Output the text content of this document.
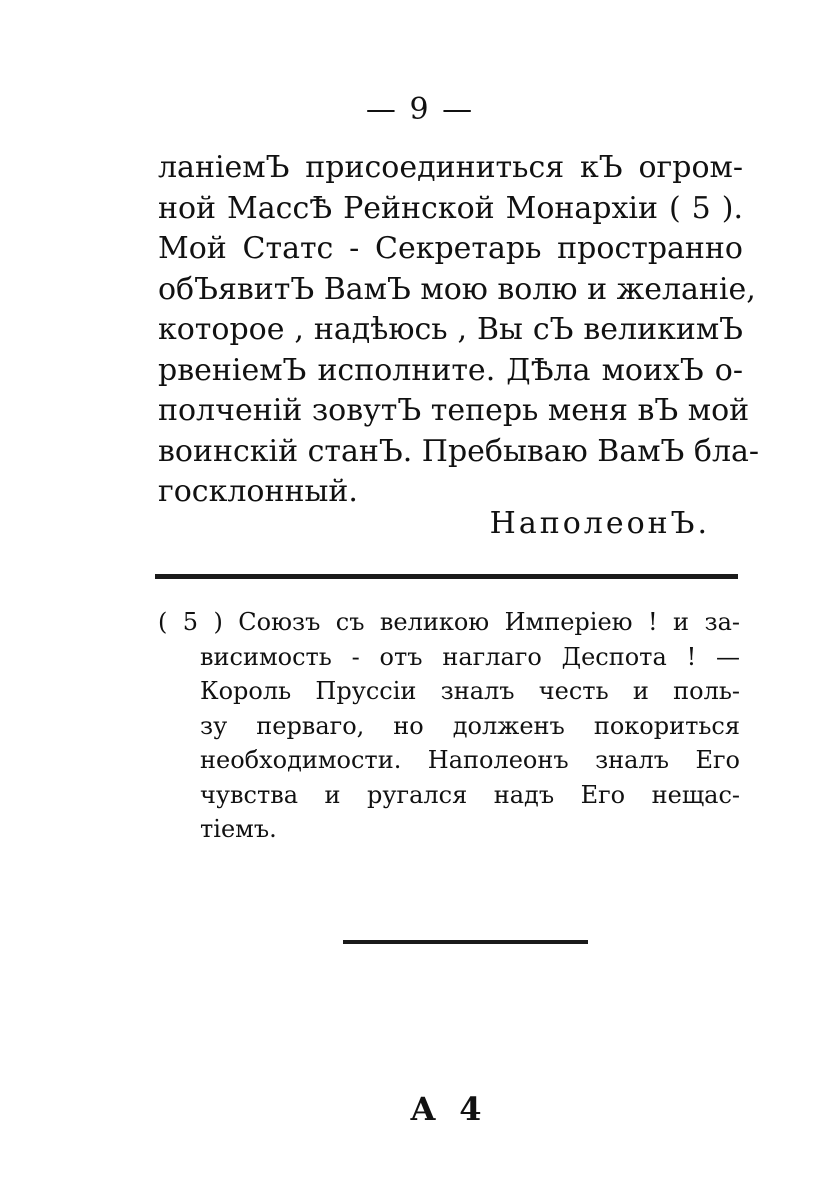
— 9 —
ланіемЪ присоединиться кЪ огром-
ной МассѢ Рейнской Монархіи ( 5 ).
Мой Статс - Секретарь пространно
обЪявитЪ ВамЪ мою волю и желаніе,
которое , надѣюсь , Вы сЪ великимЪ
рвеніемЪ исполните. ДѢла моихЪ о-
полченій зовутЪ теперь меня вЪ мой
воинскій станЪ. Пребываю ВамЪ бла-
госклонный.
НаполеонЪ.
( 5 ) Союзъ съ великою Имперіею ! и за-
висимость - отъ наглаго Деспота ! —
Король Пруссіи зналъ честь и поль-
зу перваго, но долженъ покориться
необходимости. Наполеонъ зналъ Его
чувства и ругался надъ Его нещас-
тіемъ.
А 4
